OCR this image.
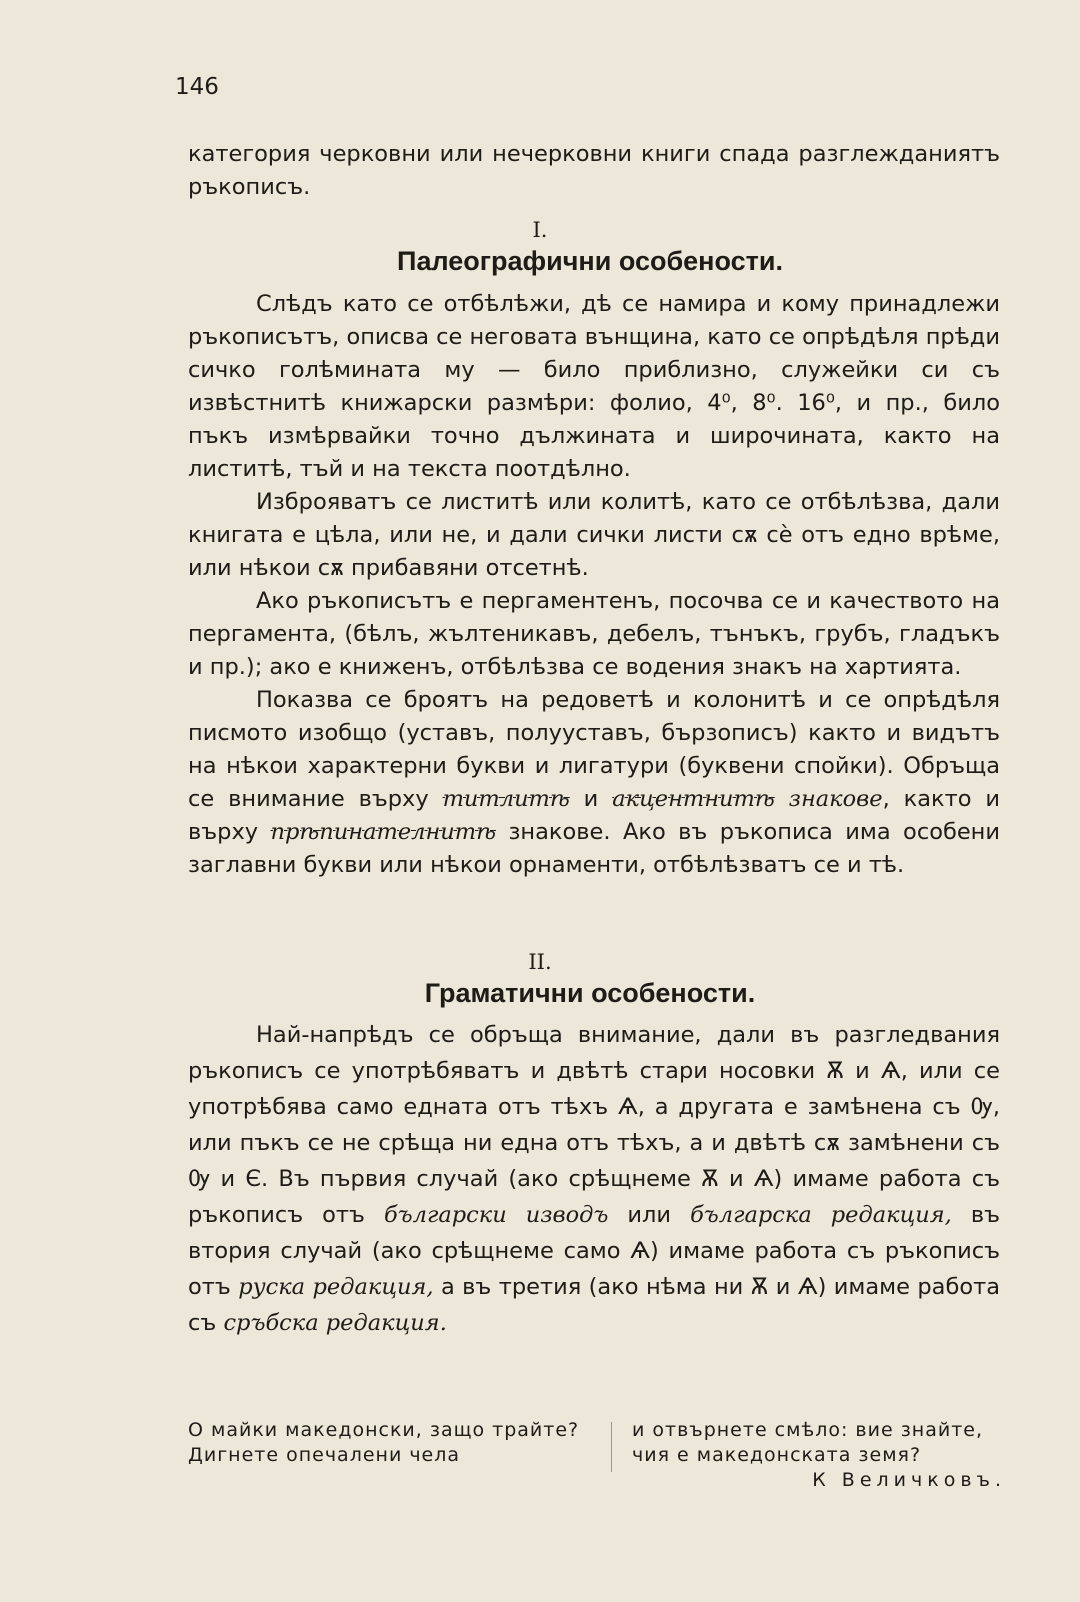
146

категория черковни или нечерковни книги спада разглежданиятъ ръкописъ.

I.
Палеографични особености.

Слѣдъ като се отбѣлѣжи, дѣ се намира и кому принадлежи ръкописътъ, описва се неговата вънщина, като се опрѣдѣля прѣди сичко голѣмината му — било приблизно, служейки си съ извѣстнитѣ книжарски размѣри: фолио, 4⁰, 8⁰. 16⁰, и пр., било пъкъ измѣрвайки точно дължината и широчината, както на листитѣ, тъй и на текста поотдѣлно.

Изброяватъ се листитѣ или колитѣ, като се отбѣлѣзва, дали книгата е цѣла, или не, и дали сички листи сѫ сѐ отъ едно врѣме, или нѣкои сѫ прибавяни отсетнѣ.

Ако ръкописътъ е пергаментенъ, посочва се и качеството на пергамента, (бѣлъ, жълтеникавъ, дебелъ, тънъкъ, грубъ, гладъкъ и пр.); ако е книженъ, отбѣлѣзва се водения знакъ на хартията.

Показва се броятъ на редоветѣ и колонитѣ и се опрѣдѣля писмото изобщо (уставъ, полууставъ, бързописъ) както и видътъ на нѣкои характерни букви и лигатури (буквени спойки). Обръща се внимание върху титлитѣ и акцентнитѣ знакове, както и върху прѣпинателнитѣ знакове. Ако въ ръкописа има особени заглавни букви или нѣкои орнаменти, отбѣлѣзватъ се и тѣ.

II.
Граматични особености.

Най-напрѣдъ се обръща внимание, дали въ разгледвания ръкописъ се употрѣбяватъ и двѣтѣ стари носовки Ѫ и Ѧ, или се употрѣбява само едната отъ тѣхъ Ѧ, а другата е замѣнена съ Ѹ, или пъкъ се не срѣща ни една отъ тѣхъ, а и двѣтѣ сѫ замѣнени съ Ѹ и Є. Въ първия случай (ако срѣщнеме Ѫ и Ѧ) имаме работа съ ръкописъ отъ български изводъ или българска редакция, въ втория случай (ако срѣщнеме само Ѧ) имаме работа съ ръкописъ отъ руска редакция, а въ третия (ако нѣма ни Ѫ и Ѧ) имаме работа съ сръбска редакция.

О майки македонски, защо трайте?
Дигнете опечалени чела
и отвърнете смѣло: вие знайте,
чия е македонската земя?
К Величковъ.
